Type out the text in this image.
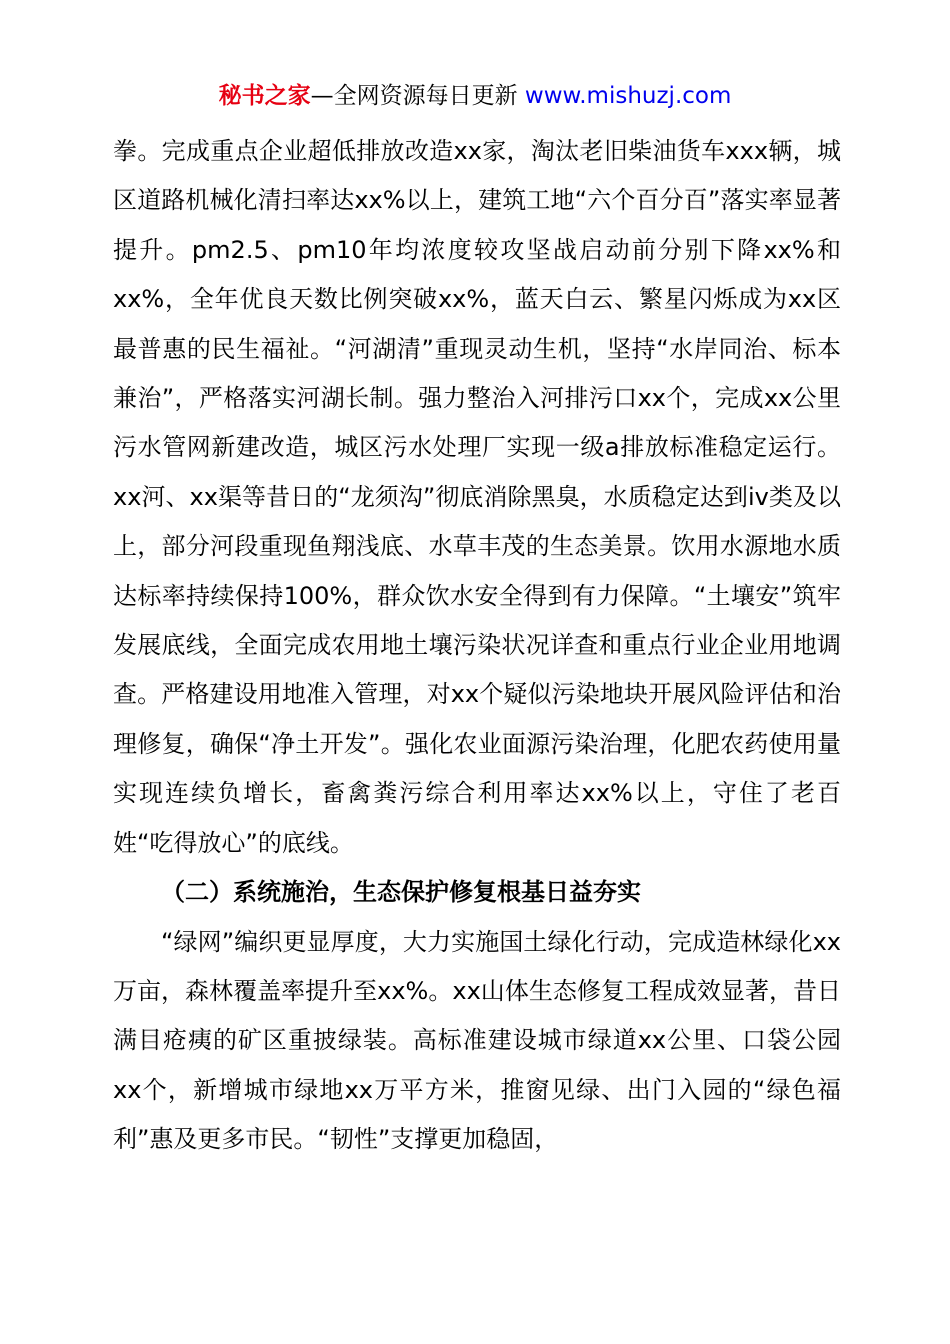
秘书之家—全网资源每日更新 www.mishuzj.com

拳。完成重点企业超低排放改造xx家，淘汰老旧柴油货车xxx辆，城区道路机械化清扫率达xx%以上，建筑工地“六个百分百”落实率显著提升。pm2.5、pm10年均浓度较攻坚战启动前分别下降xx%和xx%，全年优良天数比例突破xx%，蓝天白云、繁星闪烁成为xx区最普惠的民生福祉。“河湖清”重现灵动生机，坚持“水岸同治、标本兼治”，严格落实河湖长制。强力整治入河排污口xx个，完成xx公里污水管网新建改造，城区污水处理厂实现一级a排放标准稳定运行。xx河、xx渠等昔日的“龙须沟”彻底消除黑臭，水质稳定达到iv类及以上，部分河段重现鱼翔浅底、水草丰茂的生态美景。饮用水源地水质达标率持续保持100%，群众饮水安全得到有力保障。“土壤安”筑牢发展底线，全面完成农用地土壤污染状况详查和重点行业企业用地调查。严格建设用地准入管理，对xx个疑似污染地块开展风险评估和治理修复，确保“净土开发”。强化农业面源污染治理，化肥农药使用量实现连续负增长，畜禽粪污综合利用率达xx%以上，守住了老百姓“吃得放心”的底线。

（二）系统施治，生态保护修复根基日益夯实

“绿网”编织更显厚度，大力实施国土绿化行动，完成造林绿化xx万亩，森林覆盖率提升至xx%。xx山体生态修复工程成效显著，昔日满目疮痍的矿区重披绿装。高标准建设城市绿道xx公里、口袋公园xx个，新增城市绿地xx万平方米，推窗见绿、出门入园的“绿色福利”惠及更多市民。“韧性”支撑更加稳固，
